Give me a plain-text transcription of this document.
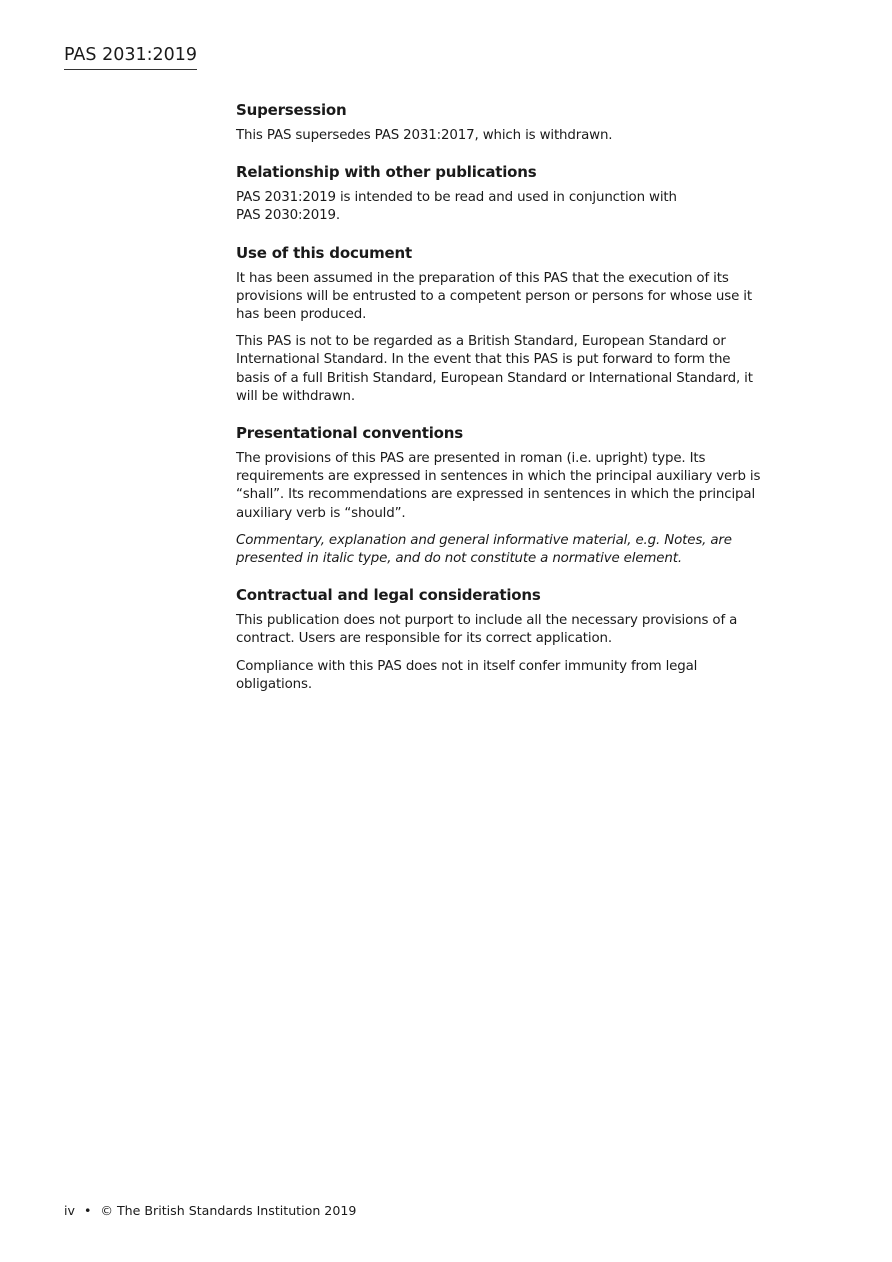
PAS 2031:2019
Supersession
This PAS supersedes PAS 2031:2017, which is withdrawn.
Relationship with other publications
PAS 2031:2019 is intended to be read and used in conjunction with
PAS 2030:2019.
Use of this document
It has been assumed in the preparation of this PAS that the execution of its
provisions will be entrusted to a competent person or persons for whose use it
has been produced.
This PAS is not to be regarded as a British Standard, European Standard or
International Standard. In the event that this PAS is put forward to form the
basis of a full British Standard, European Standard or International Standard, it
will be withdrawn.
Presentational conventions
The provisions of this PAS are presented in roman (i.e. upright) type. Its
requirements are expressed in sentences in which the principal auxiliary verb is
“shall”. Its recommendations are expressed in sentences in which the principal
auxiliary verb is “should”.
Commentary, explanation and general informative material, e.g. Notes, are
presented in italic type, and do not constitute a normative element.
Contractual and legal considerations
This publication does not purport to include all the necessary provisions of a
contract. Users are responsible for its correct application.
Compliance with this PAS does not in itself confer immunity from legal
obligations.
iv • © The British Standards Institution 2019
